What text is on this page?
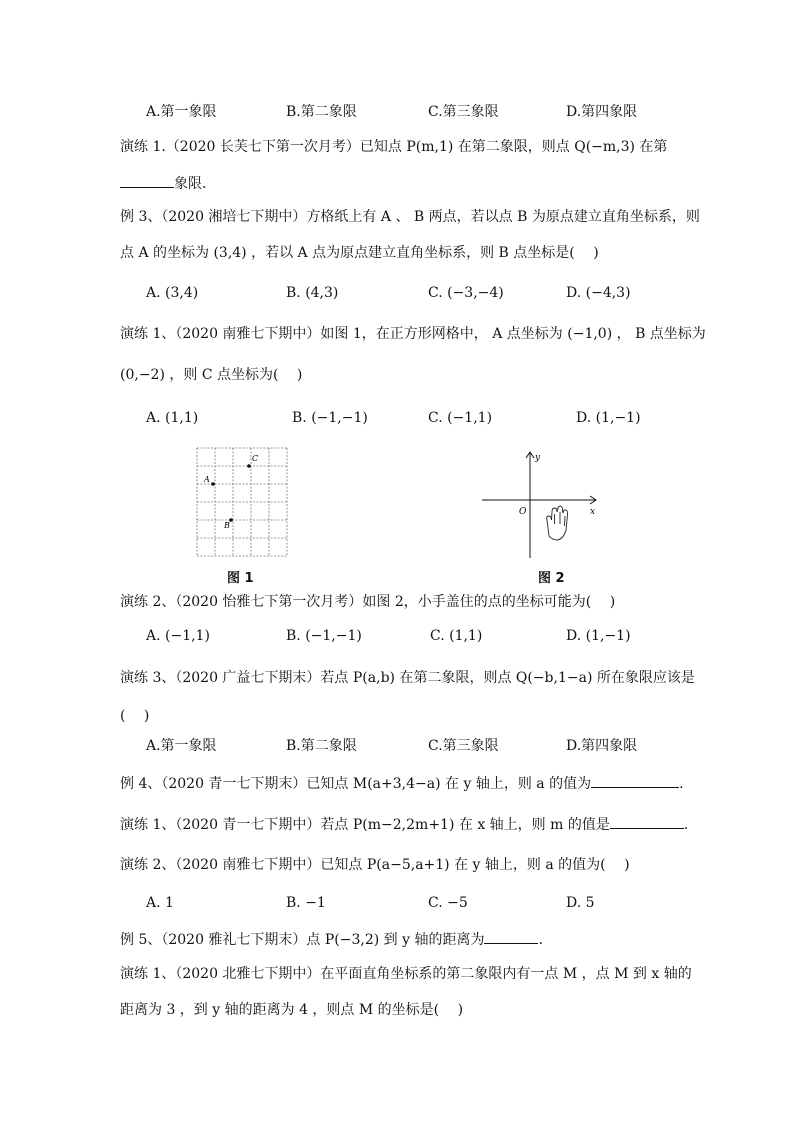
A.第一象限	B.第二象限	C.第三象限	D.第四象限
演练 1.（2020 长芙七下第一次月考）已知点 P(m,1) 在第二象限，则点 Q(−m,3) 在第
象限.
例 3、（2020 湘培七下期中）方格纸上有 A 、 B 两点，若以点 B 为原点建立直角坐标系，则
点 A 的坐标为 (3,4) ，若以 A 点为原点建立直角坐标系，则 B 点坐标是(　 )
A. (3,4)	B. (4,3)	C. (−3,−4)	D. (−4,3)
演练 1、（2020 南雅七下期中）如图 1，在正方形网格中， A 点坐标为 (−1,0) ， B 点坐标为
(0,−2) ，则 C 点坐标为(　 )
A. (1,1)	B. (−1,−1)	C. (−1,1)	D. (1,−1)
A
B
C
图 1
y
x
O
图 2
演练 2、（2020 怡雅七下第一次月考）如图 2，小手盖住的点的坐标可能为(　 )
A. (−1,1)	B. (−1,−1)	C. (1,1)	D. (1,−1)
演练 3、（2020 广益七下期末）若点 P(a,b) 在第二象限，则点 Q(−b,1−a) 所在象限应该是
(　 )
A.第一象限	B.第二象限	C.第三象限	D.第四象限
例 4、（2020 青一七下期末）已知点 M(a+3,4−a) 在 y 轴上，则 a 的值为	.
演练 1、（2020 青一七下期中）若点 P(m−2,2m+1) 在 x 轴上，则 m 的值是	.
演练 2、（2020 南雅七下期中）已知点 P(a−5,a+1) 在 y 轴上，则 a 的值为(　 )
A. 1	B. −1	C. −5	D. 5
例 5、（2020 雅礼七下期末）点 P(−3,2) 到 y 轴的距离为	.
演练 1、（2020 北雅七下期中）在平面直角坐标系的第二象限内有一点 M ，点 M 到 x 轴的
距离为 3 ，到 y 轴的距离为 4 ，则点 M 的坐标是(　 )
